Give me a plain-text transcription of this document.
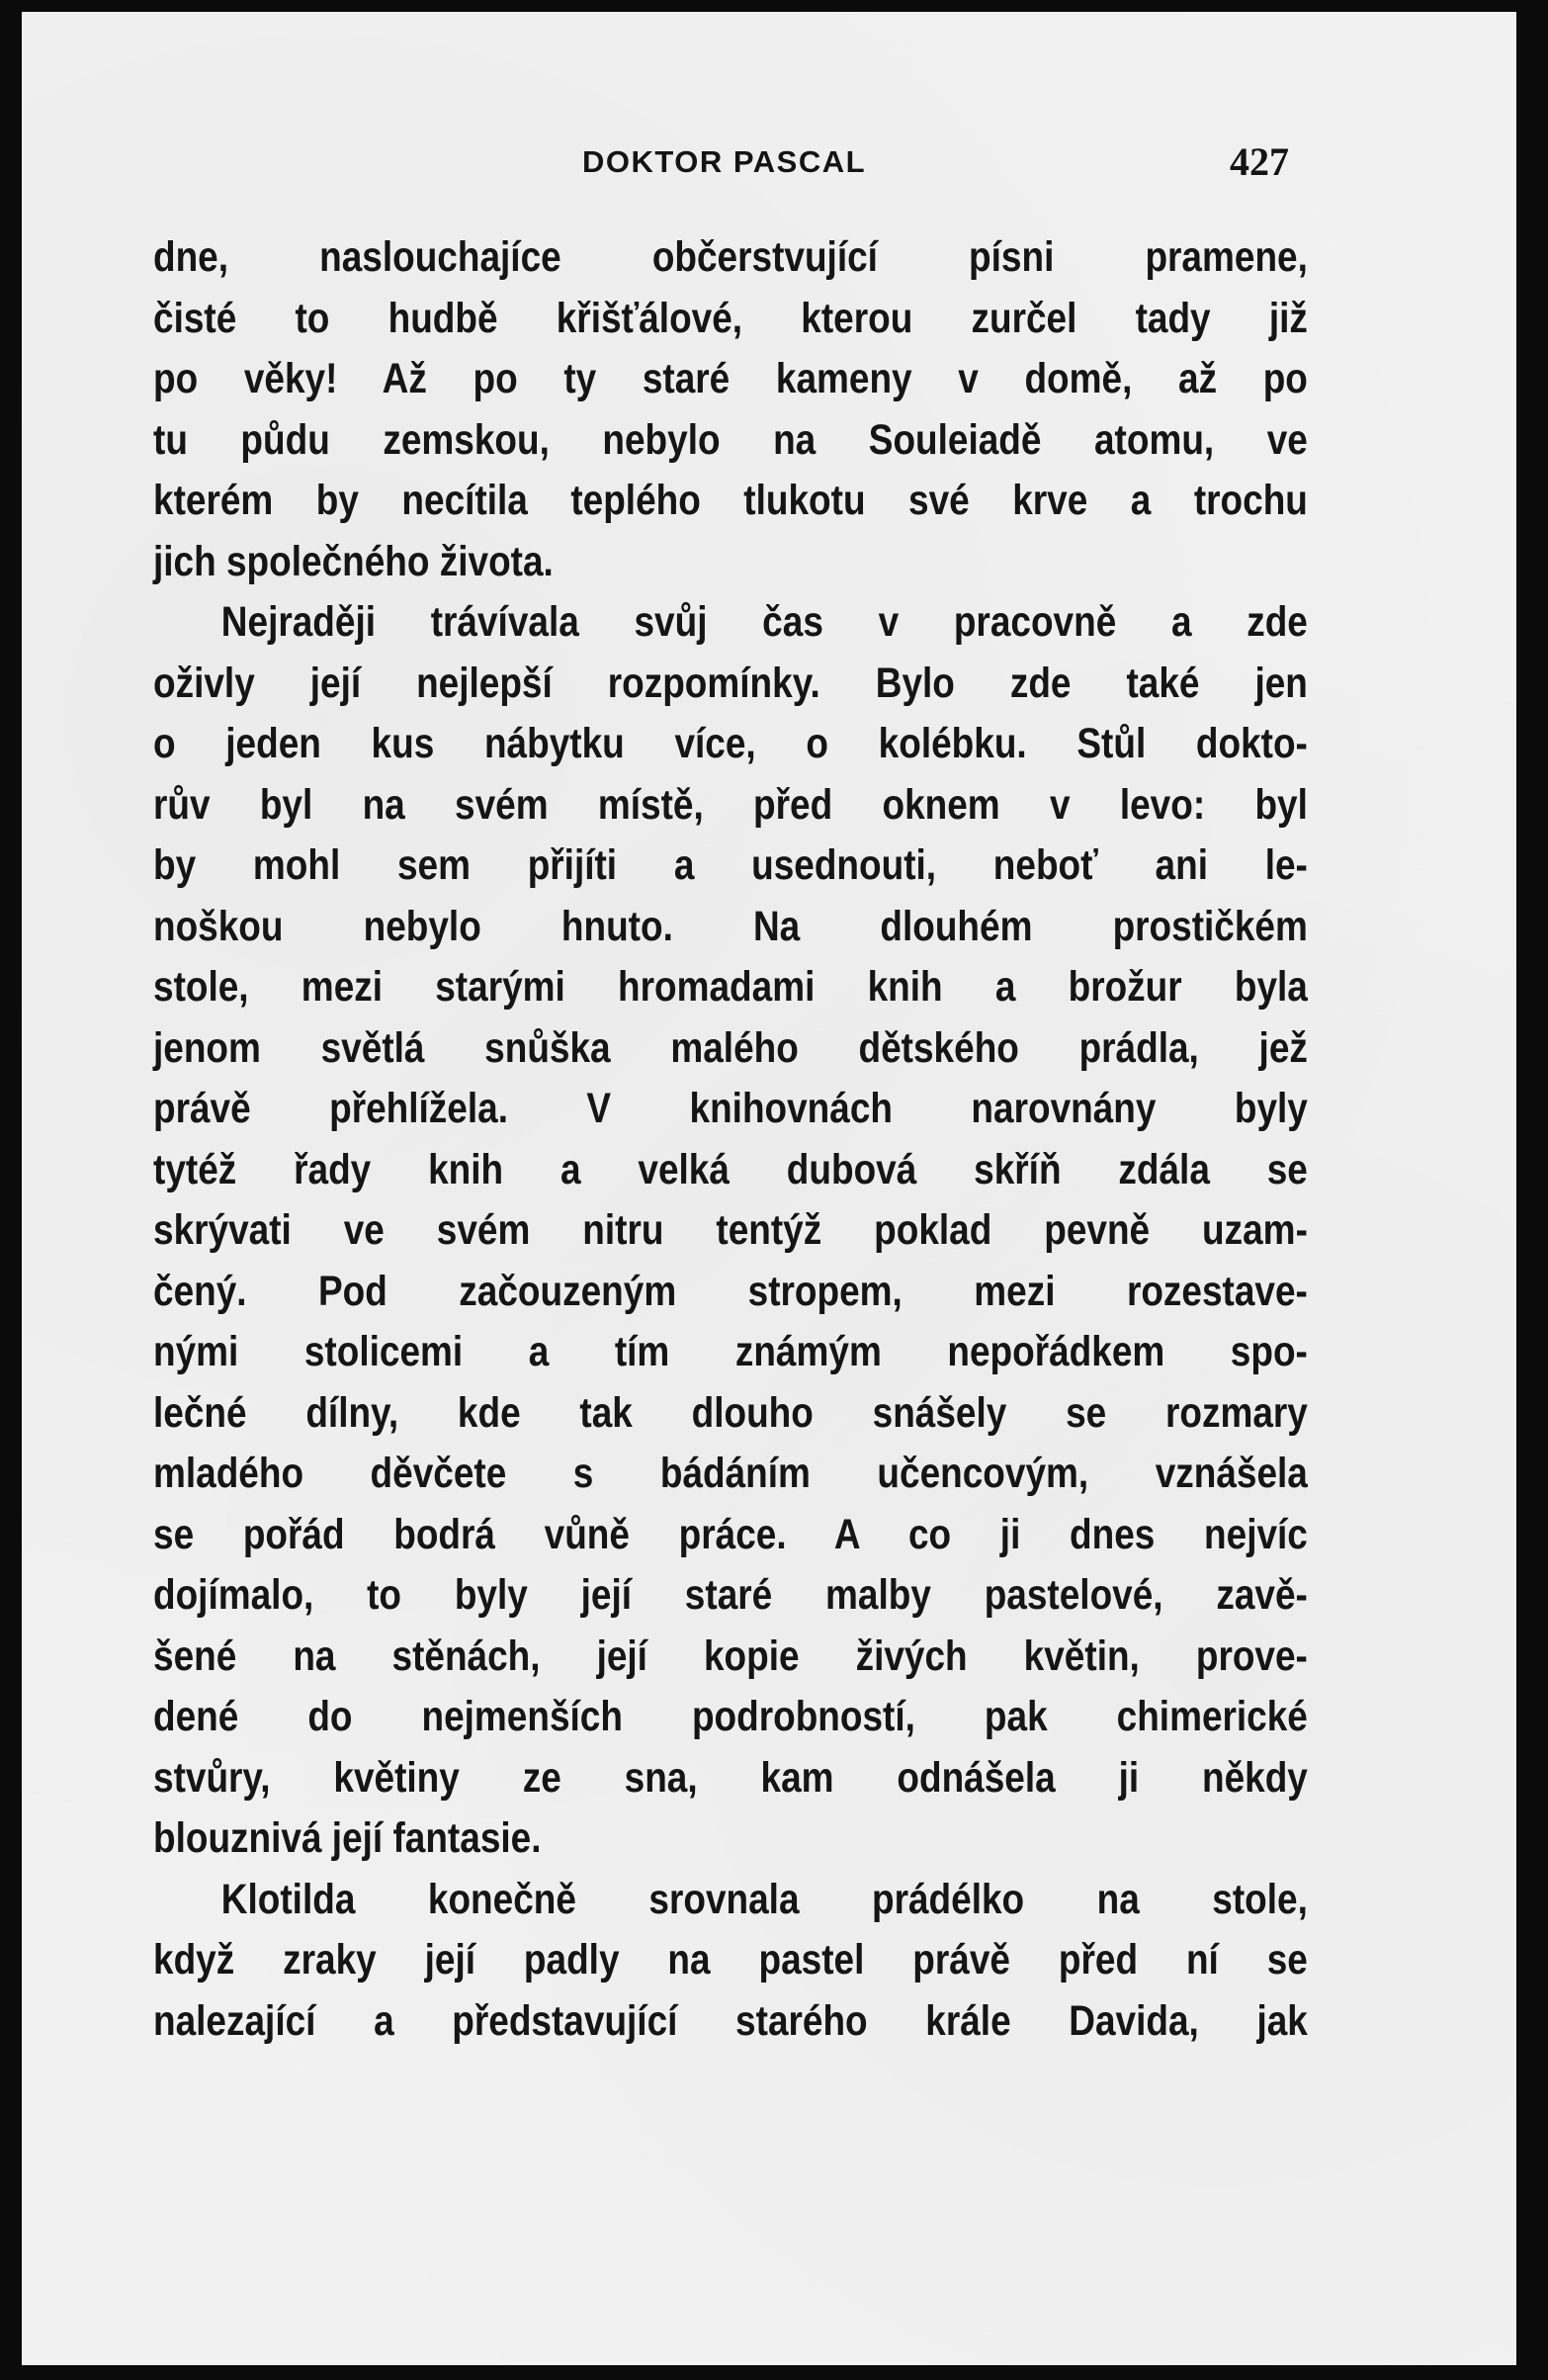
DOKTOR PASCAL	427
dne, naslouchajíce občerstvující písni pramene,
čisté to hudbě křišťálové, kterou zurčel tady již
po věky! Až po ty staré kameny v domě, až po
tu půdu zemskou, nebylo na Souleiadě atomu, ve
kterém by necítila teplého tlukotu své krve a trochu
jich společného života.
Nejraději trávívala svůj čas v pracovně a zde
oživly její nejlepší rozpomínky. Bylo zde také jen
o jeden kus nábytku více, o kolébku. Stůl dokto-
rův byl na svém místě, před oknem v levo: byl
by mohl sem přijíti a usednouti, neboť ani le-
noškou nebylo hnuto. Na dlouhém prostičkém
stole, mezi starými hromadami knih a brožur byla
jenom světlá snůška malého dětského prádla, jež
právě přehlížela. V knihovnách narovnány byly
tytéž řady knih a velká dubová skříň zdála se
skrývati ve svém nitru tentýž poklad pevně uzam-
čený. Pod začouzeným stropem, mezi rozestave-
nými stolicemi a tím známým nepořádkem spo-
lečné dílny, kde tak dlouho snášely se rozmary
mladého děvčete s bádáním učencovým, vznášela
se pořád bodrá vůně práce. A co ji dnes nejvíc
dojímalo, to byly její staré malby pastelové, zavě-
šené na stěnách, její kopie živých květin, prove-
dené do nejmenších podrobností, pak chimerické
stvůry, květiny ze sna, kam odnášela ji někdy
blouznivá její fantasie.
Klotilda konečně srovnala prádélko na stole,
když zraky její padly na pastel právě před ní se
nalezající a představující starého krále Davida, jak
